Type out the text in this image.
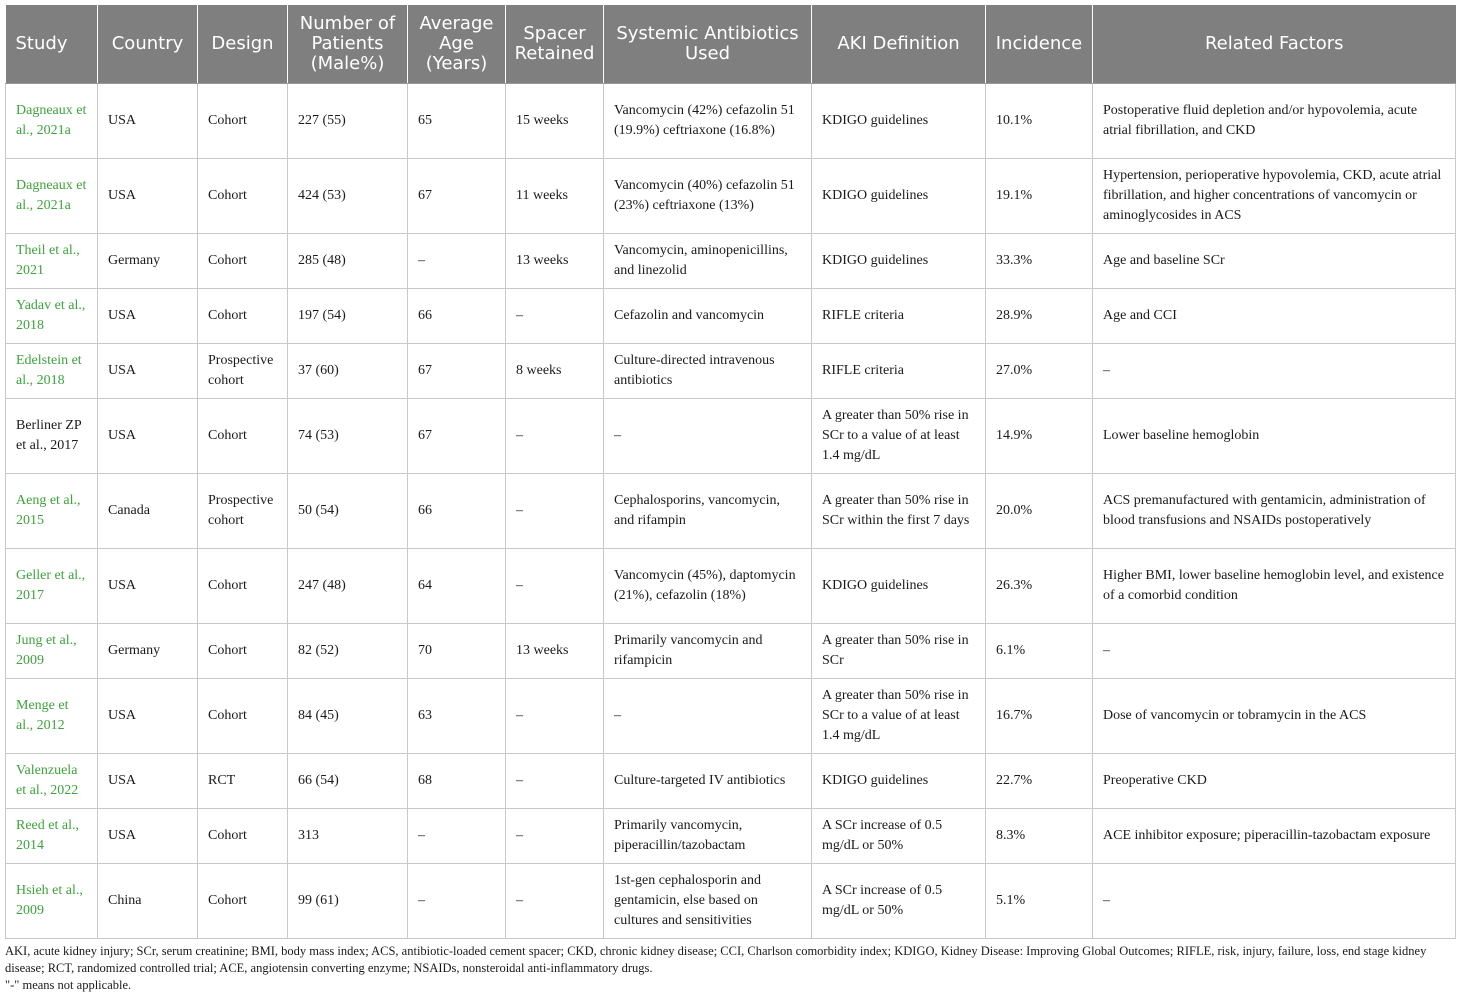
Study	Country	Design	Number of Patients (Male%)	Average Age (Years)	Spacer Retained	Systemic Antibiotics Used	AKI Definition	Incidence	Related Factors
Dagneaux et al., 2021a	USA	Cohort	227 (55)	65	15 weeks	Vancomycin (42%) cefazolin 51 (19.9%) ceftriaxone (16.8%)	KDIGO guidelines	10.1%	Postoperative fluid depletion and/or hypovolemia, acute atrial fibrillation, and CKD
Dagneaux et al., 2021a	USA	Cohort	424 (53)	67	11 weeks	Vancomycin (40%) cefazolin 51 (23%) ceftriaxone (13%)	KDIGO guidelines	19.1%	Hypertension, perioperative hypovolemia, CKD, acute atrial fibrillation, and higher concentrations of vancomycin or aminoglycosides in ACS
Theil et al., 2021	Germany	Cohort	285 (48)	–	13 weeks	Vancomycin, aminopenicillins, and linezolid	KDIGO guidelines	33.3%	Age and baseline SCr
Yadav et al., 2018	USA	Cohort	197 (54)	66	–	Cefazolin and vancomycin	RIFLE criteria	28.9%	Age and CCI
Edelstein et al., 2018	USA	Prospective cohort	37 (60)	67	8 weeks	Culture-directed intravenous antibiotics	RIFLE criteria	27.0%	–
Berliner ZP et al., 2017	USA	Cohort	74 (53)	67	–	–	A greater than 50% rise in SCr to a value of at least 1.4 mg/dL	14.9%	Lower baseline hemoglobin
Aeng et al., 2015	Canada	Prospective cohort	50 (54)	66	–	Cephalosporins, vancomycin, and rifampin	A greater than 50% rise in SCr within the first 7 days	20.0%	ACS premanufactured with gentamicin, administration of blood transfusions and NSAIDs postoperatively
Geller et al., 2017	USA	Cohort	247 (48)	64	–	Vancomycin (45%), daptomycin (21%), cefazolin (18%)	KDIGO guidelines	26.3%	Higher BMI, lower baseline hemoglobin level, and existence of a comorbid condition
Jung et al., 2009	Germany	Cohort	82 (52)	70	13 weeks	Primarily vancomycin and rifampicin	A greater than 50% rise in SCr	6.1%	–
Menge et al., 2012	USA	Cohort	84 (45)	63	–	–	A greater than 50% rise in SCr to a value of at least 1.4 mg/dL	16.7%	Dose of vancomycin or tobramycin in the ACS
Valenzuela et al., 2022	USA	RCT	66 (54)	68	–	Culture-targeted IV antibiotics	KDIGO guidelines	22.7%	Preoperative CKD
Reed et al., 2014	USA	Cohort	313	–	–	Primarily vancomycin, piperacillin/tazobactam	A SCr increase of 0.5 mg/dL or 50%	8.3%	ACE inhibitor exposure; piperacillin-tazobactam exposure
Hsieh et al., 2009	China	Cohort	99 (61)	–	–	1st-gen cephalosporin and gentamicin, else based on cultures and sensitivities	A SCr increase of 0.5 mg/dL or 50%	5.1%	–
AKI, acute kidney injury; SCr, serum creatinine; BMI, body mass index; ACS, antibiotic-loaded cement spacer; CKD, chronic kidney disease; CCI, Charlson comorbidity index; KDIGO, Kidney Disease: Improving Global Outcomes; RIFLE, risk, injury, failure, loss, end stage kidney disease; RCT, randomized controlled trial; ACE, angiotensin converting enzyme; NSAIDs, nonsteroidal anti-inflammatory drugs.
"-" means not applicable.
